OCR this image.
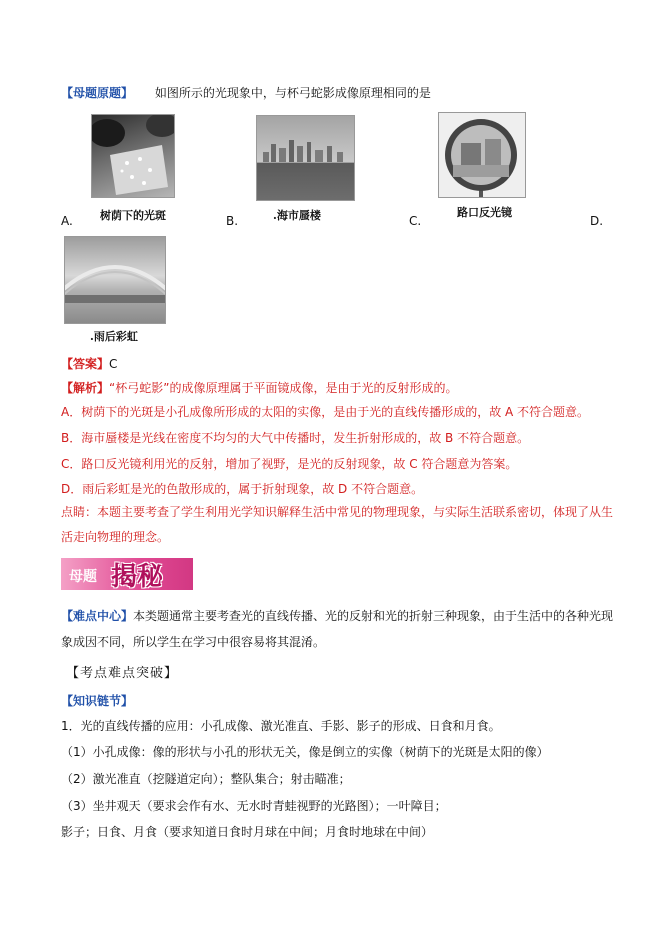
【母题原题】 如图所示的光现象中，与杯弓蛇影成像原理相同的是
树荫下的光斑
A.	.海市蜃楼
B.
路口反光镜
C.	D.
.雨后彩虹
【答案】C
【解析】“杯弓蛇影”的成像原理属于平面镜成像，是由于光的反射形成的。
A．树荫下的光斑是小孔成像所形成的太阳的实像，是由于光的直线传播形成的，故 A 不符合题意。
B．海市蜃楼是光线在密度不均匀的大气中传播时，发生折射形成的，故 B 不符合题意。
C．路口反光镜利用光的反射，增加了视野，是光的反射现象，故 C 符合题意为答案。
D．雨后彩虹是光的色散形成的，属于折射现象，故 D 不符合题意。
点睛：本题主要考查了学生利用光学知识解释生活中常见的物理现象，与实际生活联系密切，体现了从生
活走向物理的理念。
母题 揭秘
【难点中心】本类题通常主要考查光的直线传播、光的反射和光的折射三种现象，由于生活中的各种光现
象成因不同，所以学生在学习中很容易将其混淆。
【考点难点突破】
【知识链节】
1．光的直线传播的应用：小孔成像、激光准直、手影、影子的形成、日食和月食。
（1）小孔成像：像的形状与小孔的形状无关，像是倒立的实像（树荫下的光斑是太阳的像）
（2）激光准直（挖隧道定向）；整队集合；射击瞄准；
（3）坐井观天（要求会作有水、无水时青蛙视野的光路图）；一叶障目；
影子；日食、月食（要求知道日食时月球在中间；月食时地球在中间）
